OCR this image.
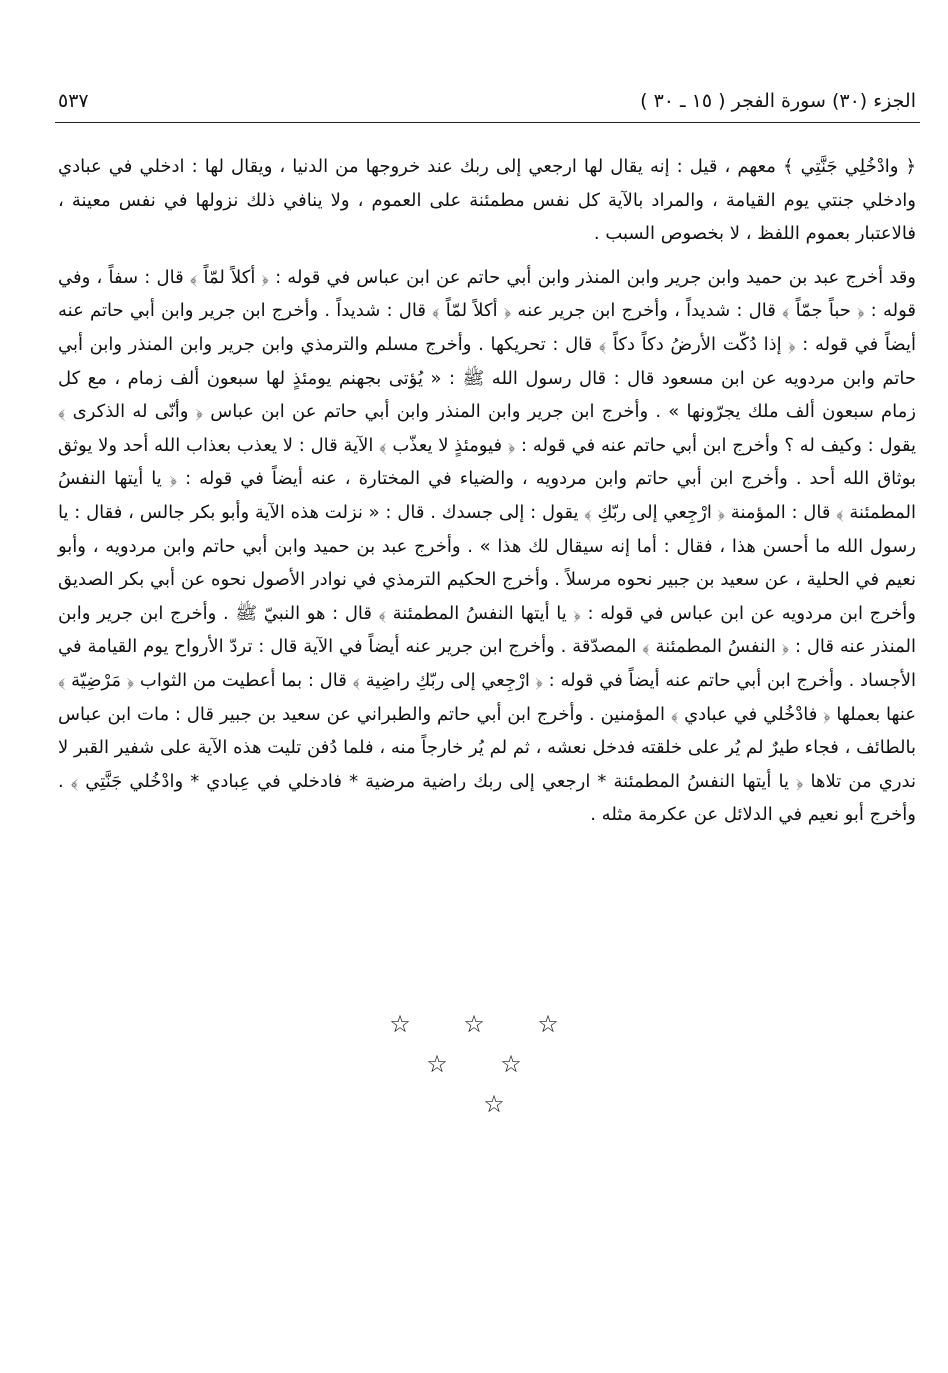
الجزء (٣٠) سورة الفجر ( ١٥ ـ ٣٠ )
٥٣٧

﴿ وادْخُلِي جَنَّتِي ﴾ معهم ، قيل : إنه يقال لها ارجعي إلى ربك عند خروجها من الدنيا ، ويقال لها : ادخلي في عبادي وادخلي جنتي يوم القيامة ، والمراد بالآية كل نفس مطمئنة على العموم ، ولا ينافي ذلك نزولها في نفس معينة ، فالاعتبار بعموم اللفظ ، لا بخصوص السبب .

وقد أخرج عبد بن حميد وابن جرير وابن المنذر وابن أبي حاتم عن ابن عباس في قوله : ﴿ أكلاً لمّاً ﴾ قال : سفاً ، وفي قوله : ﴿ حباً جمّاً ﴾ قال : شديداً ، وأخرج ابن جرير عنه ﴿ أكلاً لمّاً ﴾ قال : شديداً . وأخرج ابن جرير وابن أبي حاتم عنه أيضاً في قوله : ﴿ إذا دُكّت الأرضُ دكاً دكاً ﴾ قال : تحريكها . وأخرج مسلم والترمذي وابن جرير وابن المنذر وابن أبي حاتم وابن مردويه عن ابن مسعود قال : قال رسول الله ﷺ : « يُؤتى بجهنم يومئذٍ لها سبعون ألف زمام ، مع كل زمام سبعون ألف ملك يجرّونها » . وأخرج ابن جرير وابن المنذر وابن أبي حاتم عن ابن عباس ﴿ وأنّى له الذكرى ﴾ يقول : وكيف له ؟ وأخرج ابن أبي حاتم عنه في قوله : ﴿ فيومئذٍ لا يعذّب ﴾ الآية قال : لا يعذب بعذاب الله أحد ولا يوثق بوثاق الله أحد . وأخرج ابن أبي حاتم وابن مردويه ، والضياء في المختارة ، عنه أيضاً في قوله : ﴿ يا أيتها النفسُ المطمئنة ﴾ قال : المؤمنة ﴿ ارْجِعي إلى ربّكِ ﴾ يقول : إلى جسدك . قال : « نزلت هذه الآية وأبو بكر جالس ، فقال : يا رسول الله ما أحسن هذا ، فقال : أما إنه سيقال لك هذا » . وأخرج عبد بن حميد وابن أبي حاتم وابن مردويه ، وأبو نعيم في الحلية ، عن سعيد بن جبير نحوه مرسلاً . وأخرج الحكيم الترمذي في نوادر الأصول نحوه عن أبي بكر الصديق وأخرج ابن مردويه عن ابن عباس في قوله : ﴿ يا أيتها النفسُ المطمئنة ﴾ قال : هو النبيّ ﷺ . وأخرج ابن جرير وابن المنذر عنه قال : ﴿ النفسُ المطمئنة ﴾ المصدّقة . وأخرج ابن جرير عنه أيضاً في الآية قال : تردّ الأرواح يوم القيامة في الأجساد . وأخرج ابن أبي حاتم عنه أيضاً في قوله : ﴿ ارْجِعي إلى ربّكِ راضِية ﴾ قال : بما أعطيت من الثواب ﴿ مَرْضِيّة ﴾ عنها بعملها ﴿ فادْخُلي في عبادي ﴾ المؤمنين . وأخرج ابن أبي حاتم والطبراني عن سعيد بن جبير قال : مات ابن عباس بالطائف ، فجاء طيرٌ لم يُر على خلقته فدخل نعشه ، ثم لم يُر خارجاً منه ، فلما دُفن تليت هذه الآية على شفير القبر لا ندري من تلاها ﴿ يا أيتها النفسُ المطمئنة * ارجعي إلى ربك راضية مرضية * فادخلي في عِبادي * وادْخُلي جَنَّتِي ﴾ . وأخرج أبو نعيم في الدلائل عن عكرمة مثله .

☆ ☆ ☆
☆ ☆
☆
